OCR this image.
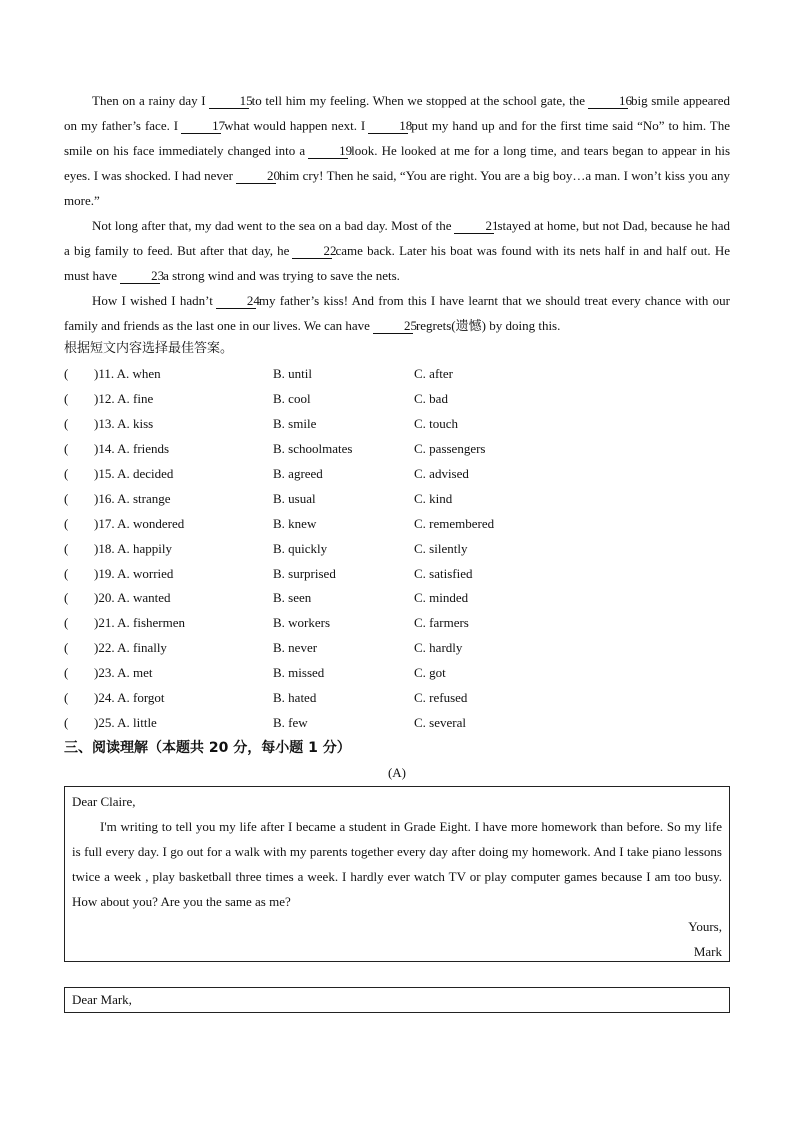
Then on a rainy day I	15to tell him my feeling. When we stopped at the school gate, the	16big smile appeared on my father’s face. I	17what would happen next. I	18put my hand up and for the first time said “No” to him. The smile on his face immediately changed into a	19look. He looked at me for a long time, and tears began to appear in his eyes. I was shocked. I had never	20him cry! Then he said, “You are right. You are a big boy…a man. I won’t kiss you any more.”

Not long after that, my dad went to the sea on a bad day. Most of the	21stayed at home, but not Dad, because he had a big family to feed. But after that day, he	22came back. Later his boat was found with its nets half in and half out. He must have	23a strong wind and was trying to save the nets.

How I wished I hadn’t	24my father’s kiss! And from this I have learnt that we should treat every chance with our family and friends as the last one in our lives. We can have	25regrets(遗憾) by doing this.

根据短文内容选择最佳答案。
( )11. A. when	B. until	C. after
( )12. A. fine	B. cool	C. bad
( )13. A. kiss	B. smile	C. touch
( )14. A. friends	B. schoolmates	C. passengers
( )15. A. decided	B. agreed	C. advised
( )16. A. strange	B. usual	C. kind
( )17. A. wondered	B. knew	C. remembered
( )18. A. happily	B. quickly	C. silently
( )19. A. worried	B. surprised	C. satisfied
( )20. A. wanted	B. seen	C. minded
( )21. A. fishermen	B. workers	C. farmers
( )22. A. finally	B. never	C. hardly
( )23. A. met	B. missed	C. got
( )24. A. forgot	B. hated	C. refused
( )25. A. little	B. few	C. several
三、阅读理解（本题共 20 分，每小题 1 分）
(A)

Dear Claire,

I'm writing to tell you my life after I became a student in Grade Eight. I have more homework than before. So my life is full every day. I go out for a walk with my parents together every day after doing my homework. And I take piano lessons twice a week , play basketball three times a week. I hardly ever watch TV or play computer games because I am too busy. How about you? Are you the same as me?

Yours,

Mark

Dear Mark,
